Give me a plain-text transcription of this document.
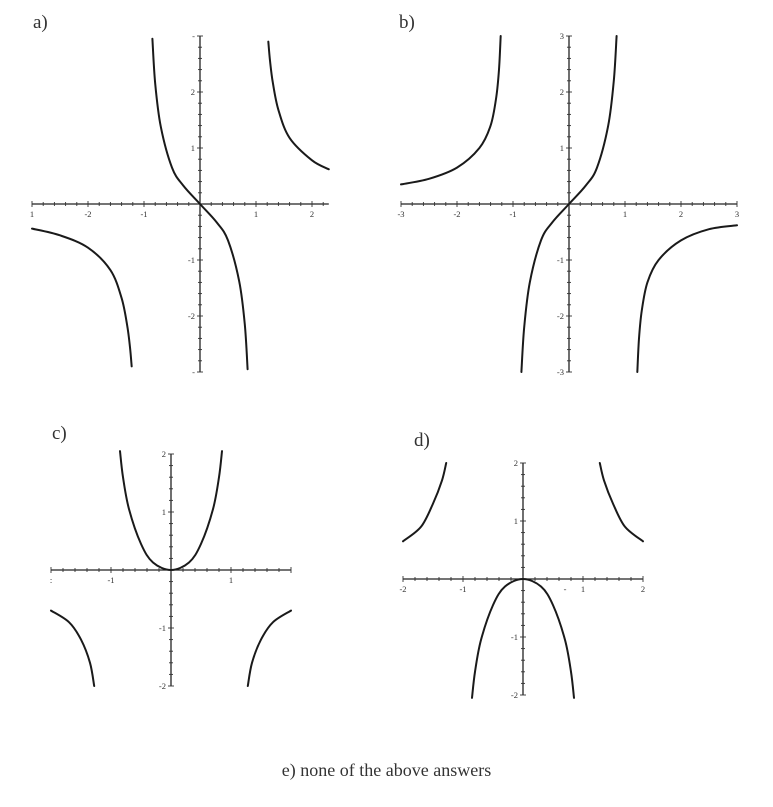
a)	b)
c)	d)
1	-2	-1	1	2
-
2
1
-1
-2
-
-3	-2	-1	1	2	3
3
2
1
-1
-2
-3
:	-1	1
2
1
-1
-2
-2	-1	- 1	2
2
1
-1
-2
e) none of the above answers
